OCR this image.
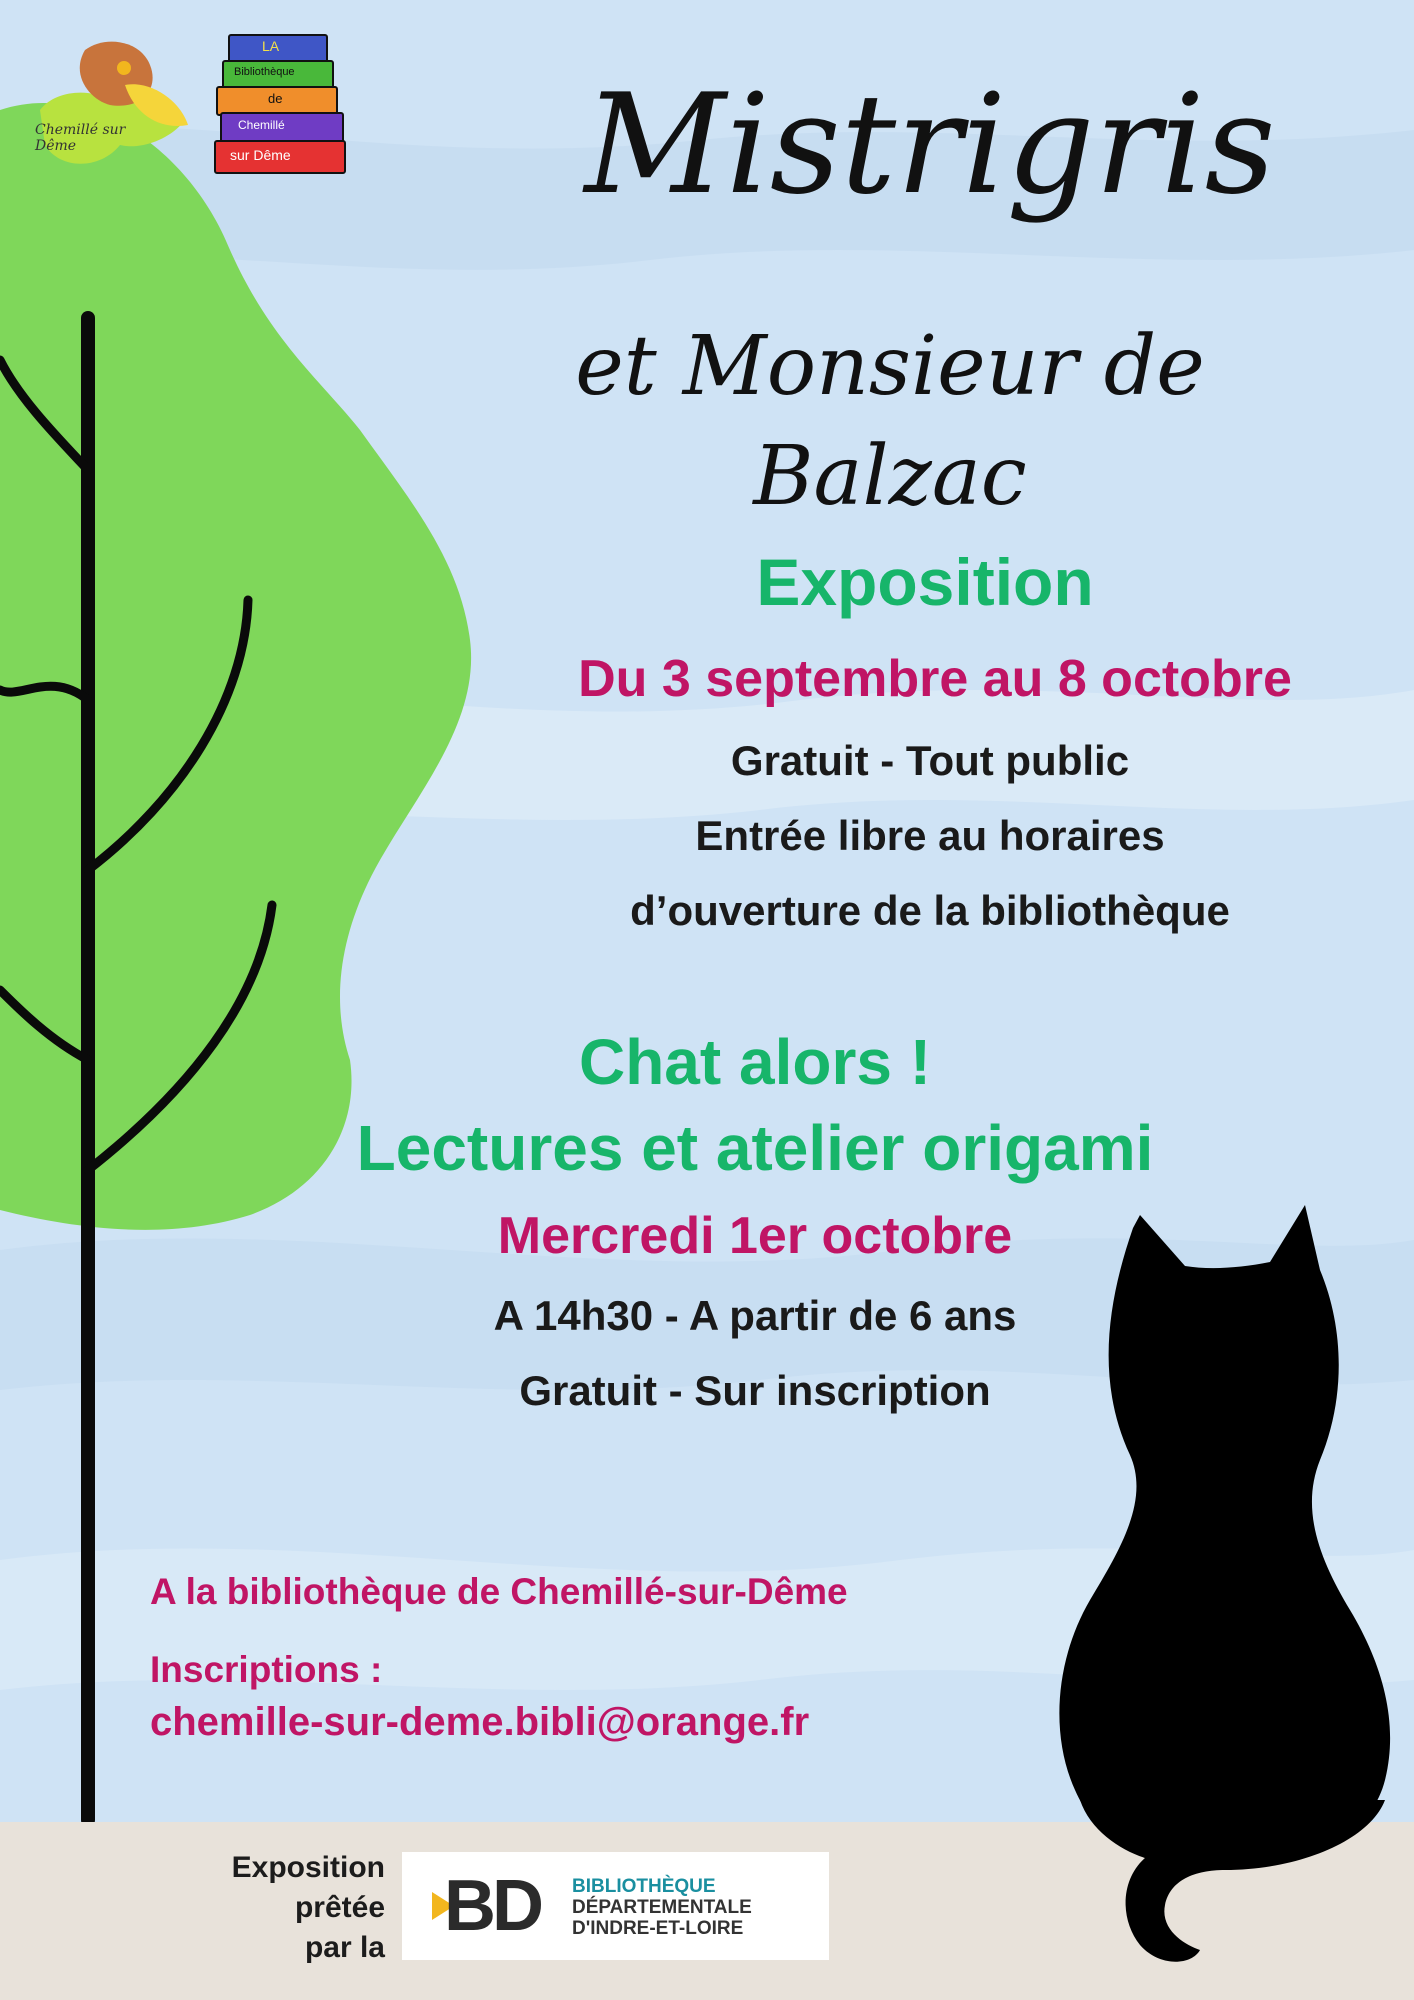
Chemillé sur Dême
LA
Bibliothèque
de
Chemillé
sur Dême Mistrigris
et Monsieur de Balzac
Exposition
Du 3 septembre au 8 octobre
Gratuit - Tout public
Entrée libre au horaires
d’ouverture de la bibliothèque
Chat alors !
Lectures et atelier origami
Mercredi 1er octobre
A 14h30 - A partir de 6 ans
Gratuit - Sur inscription
A la bibliothèque de Chemillé-sur-Dême
Inscriptions :
chemille-sur-deme.bibli@orange.fr
Exposition
prêtée
par la
BD BIBLIOTHÈQUE
DÉPARTEMENTALE
D'INDRE-ET-LOIRE
